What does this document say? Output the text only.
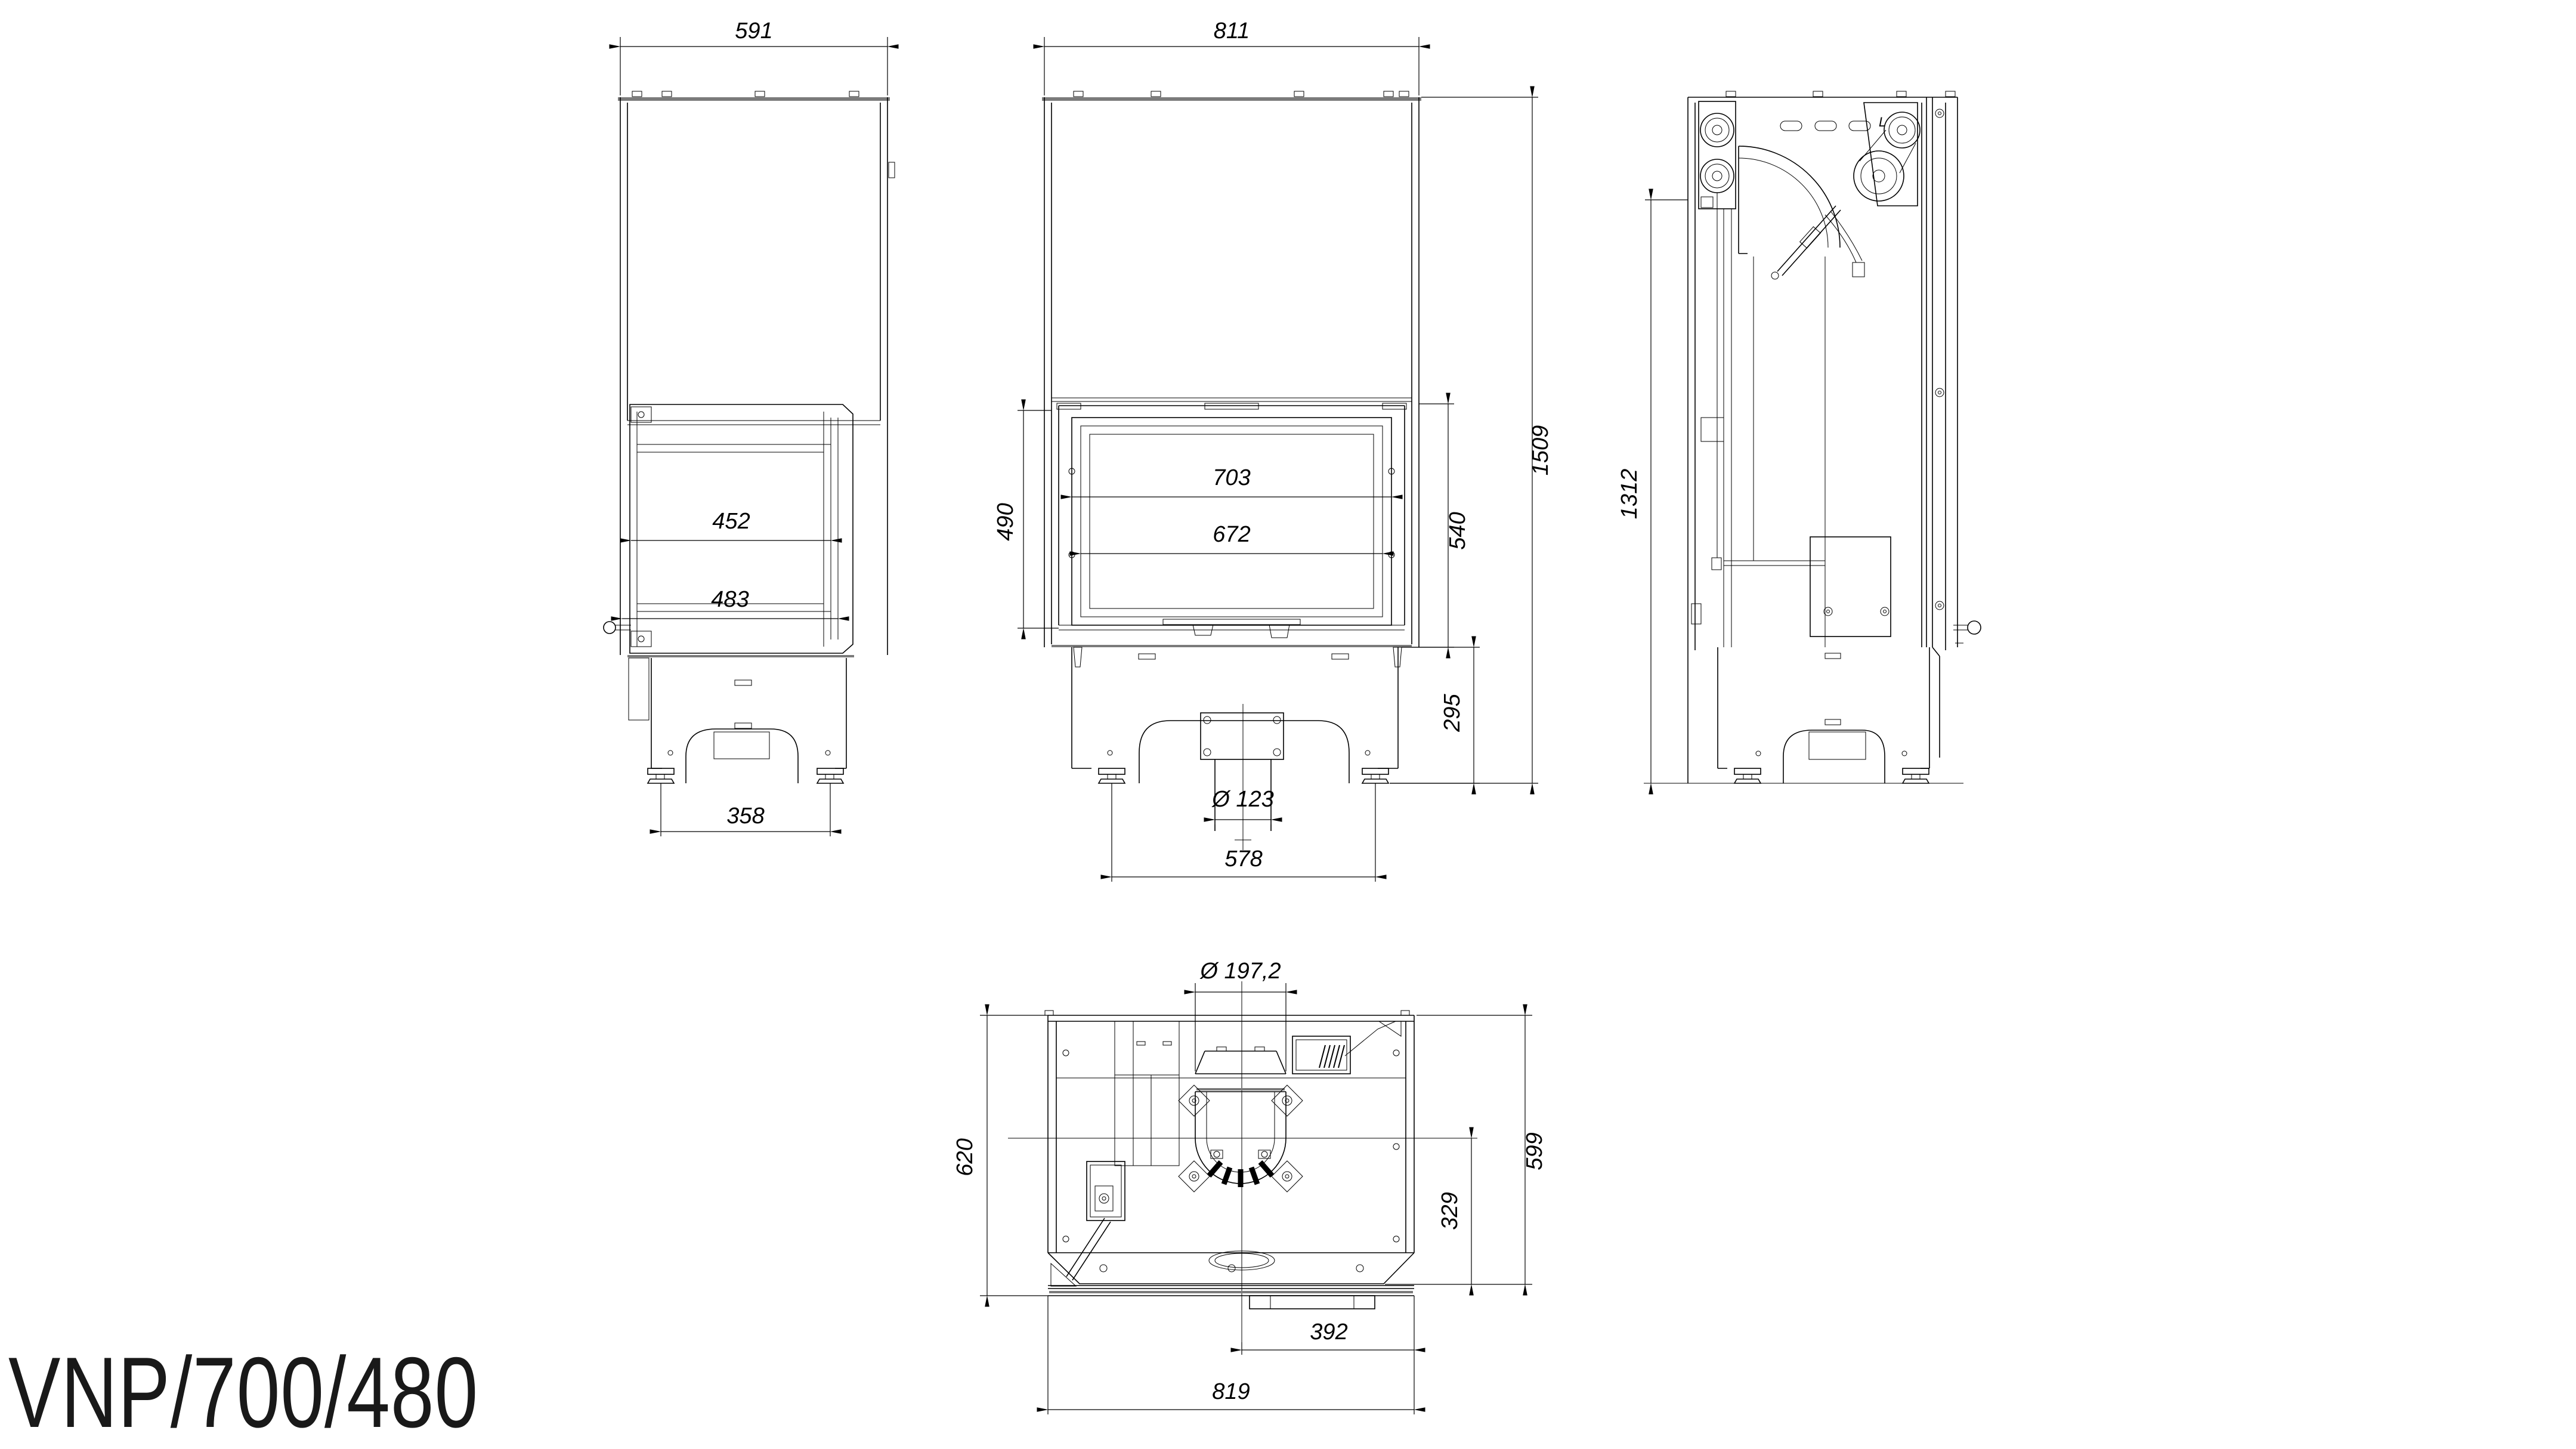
591
452
483
358
811
703
672
490	540
295
1509
Ø 123
578
L
1312
Ø 197,2
620	599
329
392
819
VNP/700/480
